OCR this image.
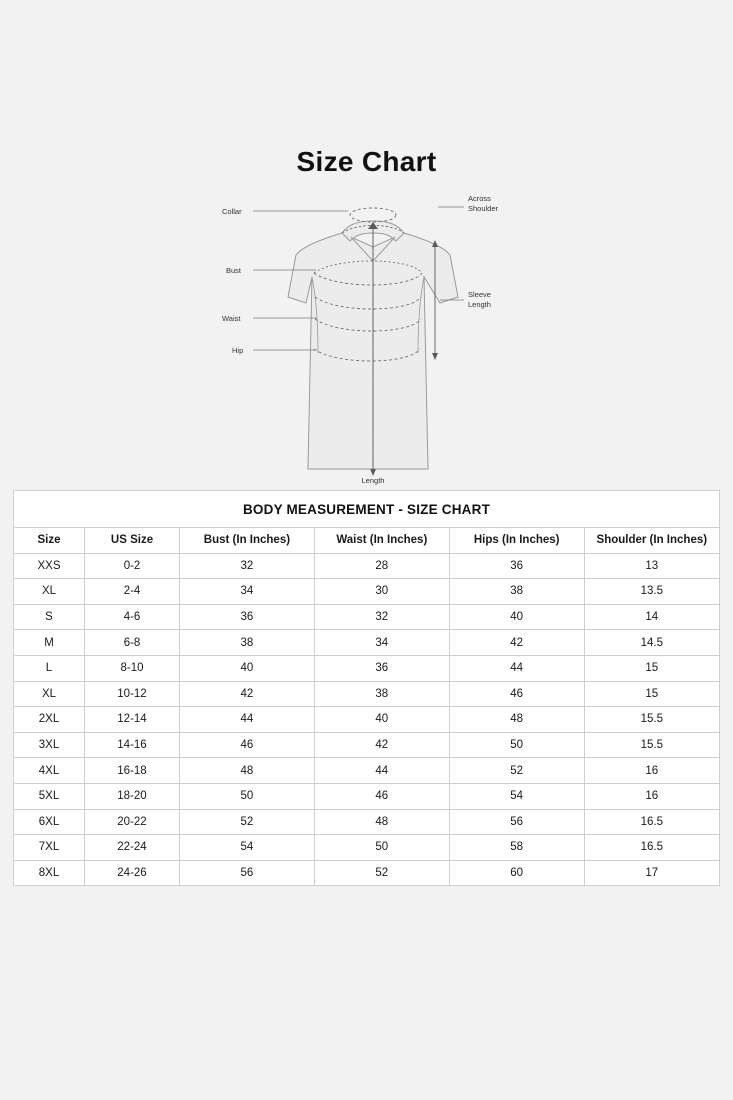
Size Chart
Collar
Bust
Waist
Hip
Across
Shoulder
Sleeve
Length
Length
BODY MEASUREMENT - SIZE CHART
Size	US Size	Bust (In Inches)	Waist (In Inches)	Hips (In Inches)	Shoulder (In Inches)
XXS	0-2	32	28	36	13
XL	2-4	34	30	38	13.5
S	4-6	36	32	40	14
M	6-8	38	34	42	14.5
L	8-10	40	36	44	15
XL	10-12	42	38	46	15
2XL	12-14	44	40	48	15.5
3XL	14-16	46	42	50	15.5
4XL	16-18	48	44	52	16
5XL	18-20	50	46	54	16
6XL	20-22	52	48	56	16.5
7XL	22-24	54	50	58	16.5
8XL	24-26	56	52	60	17
